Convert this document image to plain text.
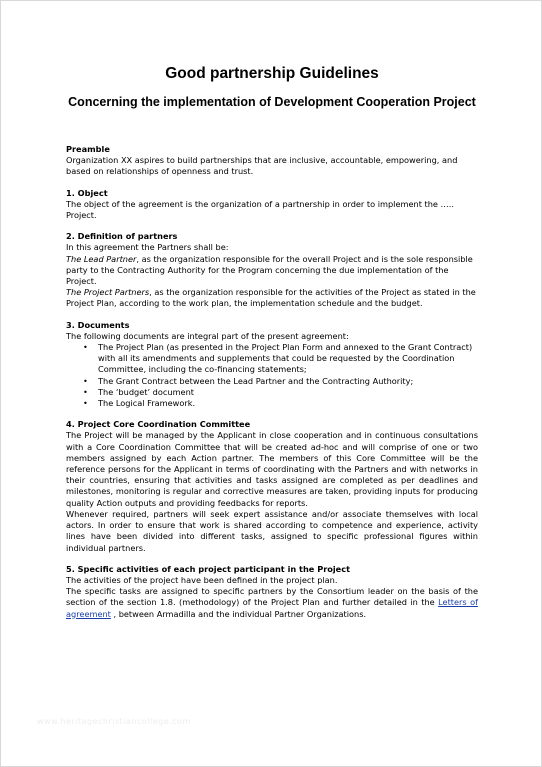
Good partnership Guidelines
Concerning the implementation of Development Cooperation Project

Preamble

Organization XX aspires to build partnerships that are inclusive, accountable, empowering, and based on relationships of openness and trust.

1. Object

The object of the agreement is the organization of a partnership in order to implement the ….. Project.

2. Definition of partners

In this agreement the Partners shall be:

The Lead Partner, as the organization responsible for the overall Project and is the sole responsible party to the Contracting Authority for the Program concerning the due implementation of the Project.

The Project Partners, as the organization responsible for the activities of the Project as stated in the Project Plan, according to the work plan, the implementation schedule and the budget.

3. Documents

The following documents are integral part of the present agreement:

• The Project Plan (as presented in the Project Plan Form and annexed to the Grant Contract) with all its amendments and supplements that could be requested by the Coordination Committee, including the co-financing statements;
• The Grant Contract between the Lead Partner and the Contracting Authority;
• The ‘budget’ document
• The Logical Framework.

4. Project Core Coordination Committee

The Project will be managed by the Applicant in close cooperation and in continuous consultations with a Core Coordination Committee that will be created ad-hoc and will comprise of one or two members assigned by each Action partner. The members of this Core Committee will be the reference persons for the Applicant in terms of coordinating with the Partners and with networks in their countries, ensuring that activities and tasks assigned are completed as per deadlines and milestones, monitoring is regular and corrective measures are taken, providing inputs for producing quality Action outputs and providing feedbacks for reports.

Whenever required, partners will seek expert assistance and/or associate themselves with local actors. In order to ensure that work is shared according to competence and experience, activity lines have been divided into different tasks, assigned to specific professional figures within individual partners.

5. Specific activities of each project participant in the Project

The activities of the project have been defined in the project plan.

The specific tasks are assigned to specific partners by the Consortium leader on the basis of the section of the section 1.8. (methodology) of the Project Plan and further detailed in the Letters of agreement , between Armadilla and the individual Partner Organizations.

www.heritagechristiancollege.com
